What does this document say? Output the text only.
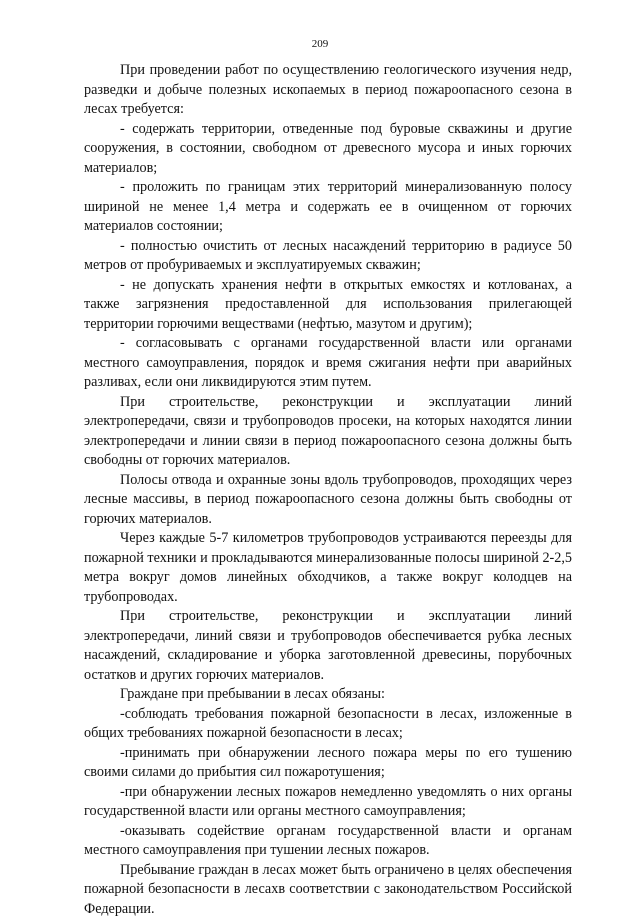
209

При проведении работ по осуществлению геологического изучения недр, разведки и добыче полезных ископаемых в период пожароопасного сезона в лесах требуется:

- содержать территории, отведенные под буровые скважины и другие сооружения, в состоянии, свободном от древесного мусора и иных горючих материалов;

- проложить по границам этих территорий минерализованную полосу шириной не менее 1,4 метра и содержать ее в очищенном от горючих материалов состоянии;

- полностью очистить от лесных насаждений территорию в радиусе 50 метров от пробуриваемых и эксплуатируемых скважин;

- не допускать хранения нефти в открытых емкостях и котлованах, а также загрязнения предоставленной для использования прилегающей территории горючими веществами (нефтью, мазутом и другим);

- согласовывать с органами государственной власти или органами местного самоуправления, порядок и время сжигания нефти при аварийных разливах, если они ликвидируются этим путем.

При строительстве, реконструкции и эксплуатации линий электропередачи, связи и трубопроводов просеки, на которых находятся линии электропередачи и линии связи в период пожароопасного сезона должны быть свободны от горючих материалов.

Полосы отвода и охранные зоны вдоль трубопроводов, проходящих через лесные массивы, в период пожароопасного сезона должны быть свободны от горючих материалов.

Через каждые 5-7 километров трубопроводов устраиваются переезды для пожарной техники и прокладываются минерализованные полосы шириной 2-2,5 метра вокруг домов линейных обходчиков, а также вокруг колодцев на трубопроводах.

При строительстве, реконструкции и эксплуатации линий электропередачи, линий связи и трубопроводов обеспечивается рубка лесных насаждений, складирование и уборка заготовленной древесины, порубочных остатков и других горючих материалов.

Граждане при пребывании в лесах обязаны:

-соблюдать требования пожарной безопасности в лесах, изложенные в общих требованиях пожарной безопасности в лесах;

-принимать при обнаружении лесного пожара меры по его тушению своими силами до прибытия сил пожаротушения;

-при обнаружении лесных пожаров немедленно уведомлять о них органы государственной власти или органы местного самоуправления;

-оказывать содействие органам государственной власти и органам местного самоуправления при тушении лесных пожаров.

Пребывание граждан в лесах может быть ограничено в целях обеспечения пожарной безопасности в лесахв соответствии с законодательством Российской Федерации.
